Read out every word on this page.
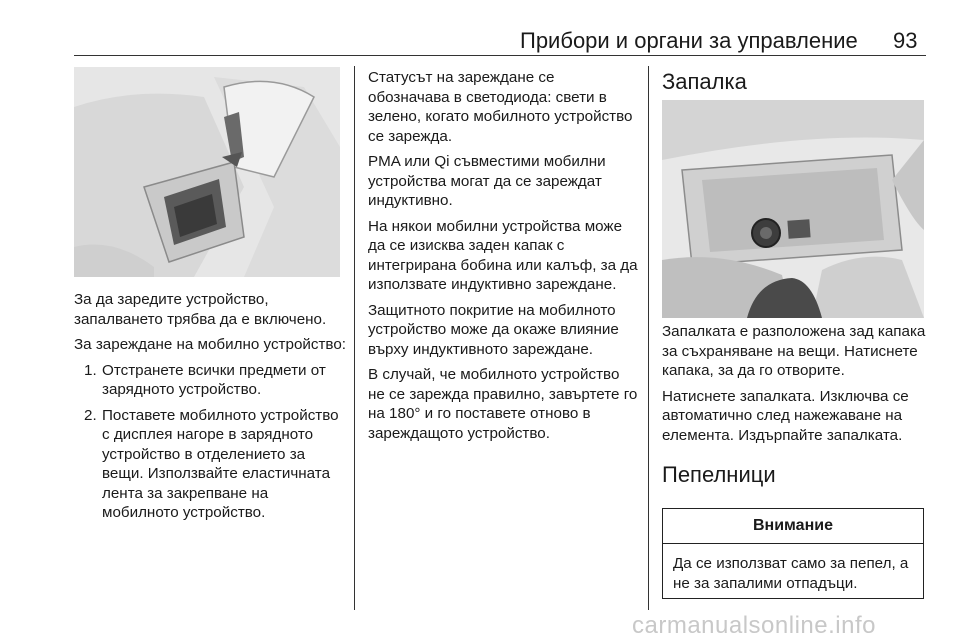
Прибори и органи за управление 93

За да заредите устройство, запалването трябва да е включено.

За зареждане на мобилно устройство:

1. Отстранете всички предмети от зарядното устройство.
2. Поставете мобилното устройство с дисплея нагоре в зарядното устройство в отделението за вещи. Използвайте еластичната лента за закрепване на мобилното устройство.

Статусът на зареждане се обозначава в светодиода: свети в зелено, когато мобилното устройство се зарежда.

PMA или Qi съвместими мобилни устройства могат да се зареждат индуктивно.

На някои мобилни устройства може да се изисква заден капак с интегрирана бобина или калъф, за да използвате индуктивно зареждане.

Защитното покритие на мобилното устройство може да окаже влияние върху индуктивното зареждане.

В случай, че мобилното устройство не се зарежда правилно, завъртете го на 180° и го поставете отново в зареждащото устройство.

Запалка

Запалката е разположена зад капака за съхраняване на вещи. Натиснете капака, за да го отворите.

Натиснете запалката. Изключва се автоматично след нажежаване на елемента. Издърпайте запалката.

Пепелници
Внимание
Да се използват само за пепел, а не за запалими отпадъци.
carmanualsonline.info
